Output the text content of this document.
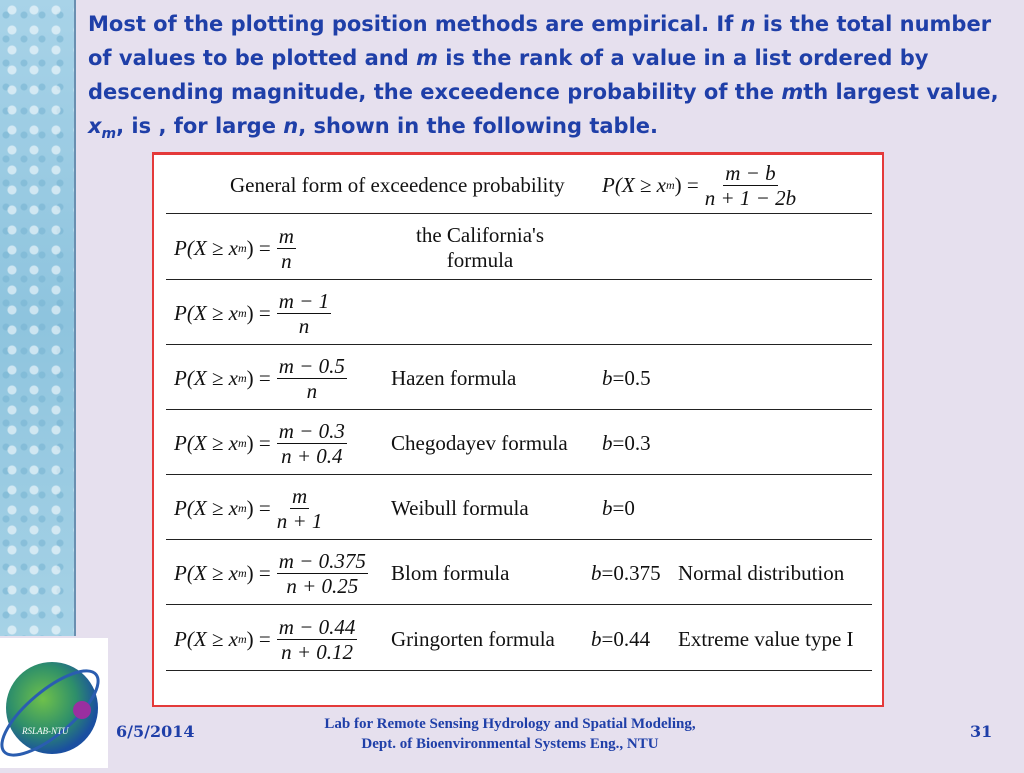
Most of the plotting position methods are empirical. If n is the total number of values to be plotted and m is the rank of a value in a list ordered by descending magnitude, the exceedence probability of the mth largest value, $x_m$, is , for large n, shown in the following table.

General form of exceedence probability P(X ≥ x m ) = $\frac{m - b}{n + 1 - 2b}$
P(X ≥ x m ) = $\frac{m}{n}$	the California's
formula
P(X ≥ x m ) = $\frac{m - 1}{n}$
P(X ≥ x m ) = $\frac{m - 0.5}{n}$ Hazen formula	b =0.5
P(X ≥ x m ) = $\frac{m - 0.3}{n + 0.4}$ Chegodayev formula b =0.3
P(X ≥ x m ) = $\frac{m}{n + 1}$	Weibull formula	b =0
P(X ≥ x m ) = $\frac{m - 0.375}{n + 0.25}$ Blom formula	b =0.375 Normal distribution
P(X ≥ x m ) = $\frac{m - 0.44}{n + 0.12}$ Gringorten formula b =0.44 Extreme value type I
RSLAB-NTU	6/5/2014	Lab for Remote Sensing Hydrology and Spatial Modeling,
Dept. of Bioenvironmental Systems Eng., NTU
31
